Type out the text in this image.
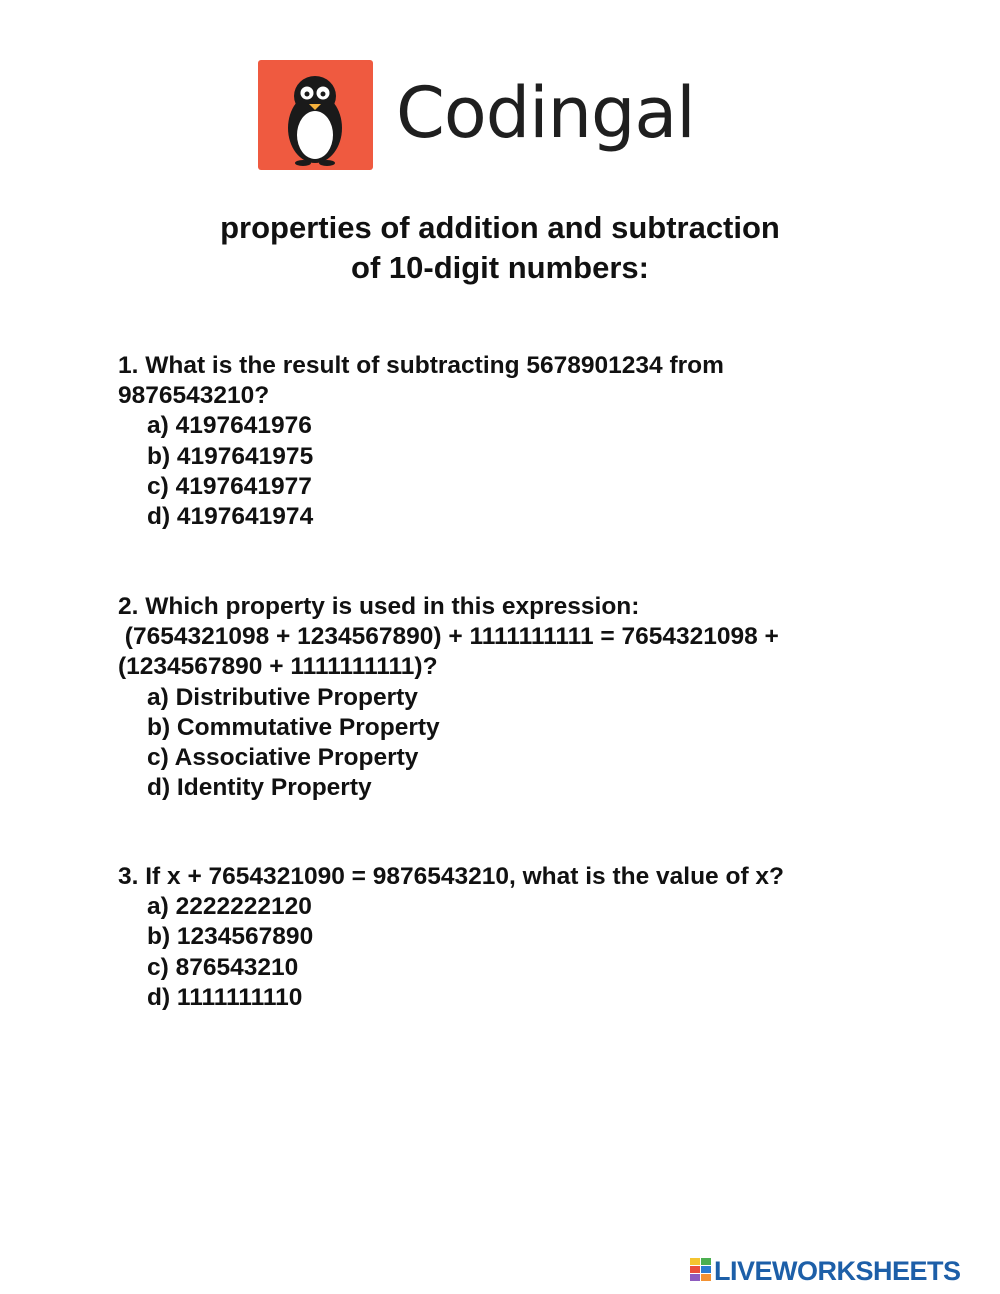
Codingal
properties of addition and subtraction
of 10-digit numbers:

1. What is the result of subtracting 5678901234 from
9876543210?

a) 4197641976
b) 4197641975
c) 4197641977
d) 4197641974

2. Which property is used in this expression:
(7654321098 + 1234567890) + 1111111111 = 7654321098 +
(1234567890 + 1111111111)?

a) Distributive Property
b) Commutative Property
c) Associative Property
d) Identity Property

3. If x + 7654321090 = 9876543210, what is the value of x?

a) 2222222120
b) 1234567890
c) 876543210
d) 1111111110
LIVEWORKSHEETS
